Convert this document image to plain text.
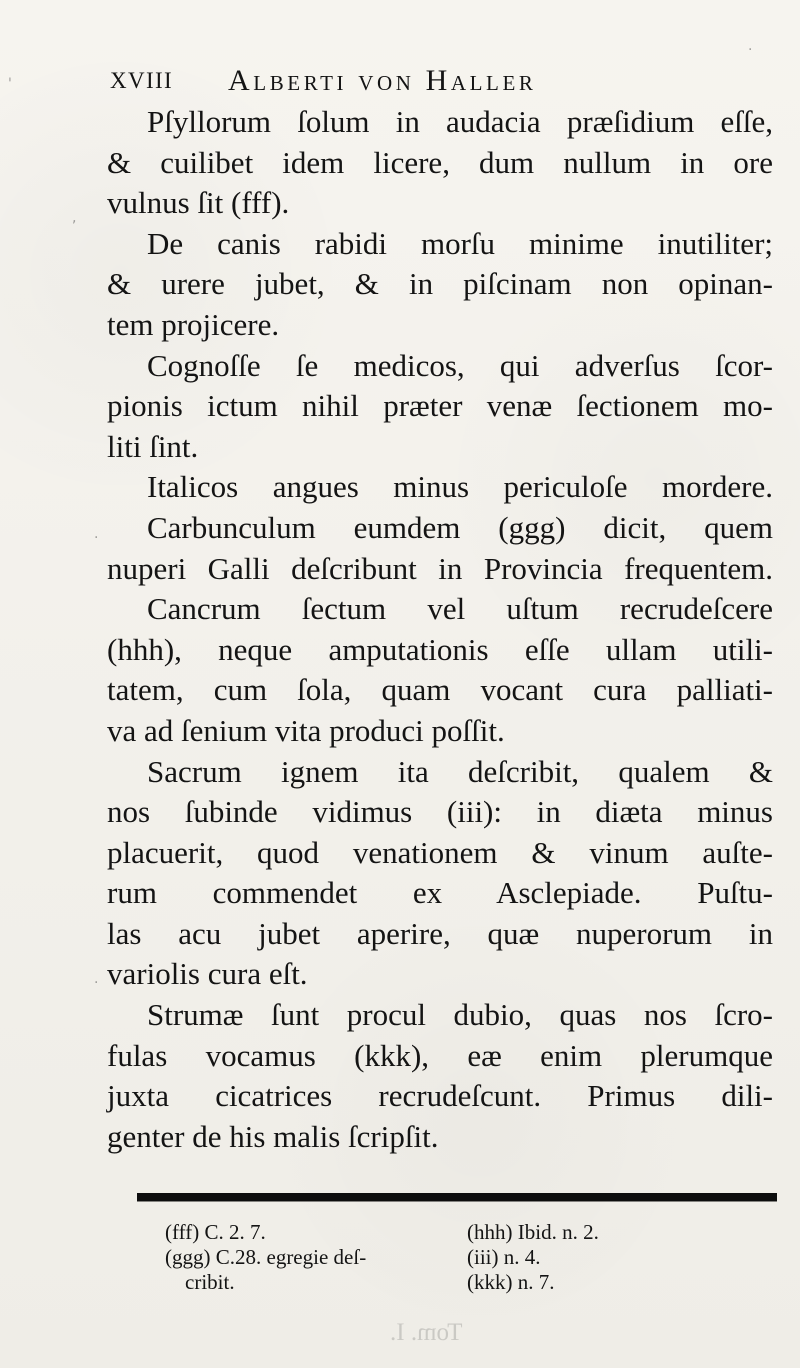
XVIII Alberti von Haller
Pſyllorum ſolum in audacia præſidium eſſe,
& cuilibet idem licere, dum nullum in ore
vulnus ſit (fff).
De canis rabidi morſu minime inutiliter;
& urere jubet, & in piſcinam non opinan-
tem projicere.
Cognoſſe ſe medicos, qui adverſus ſcor-
pionis ictum nihil præter venæ ſectionem mo-
liti ſint.
Italicos angues minus periculoſe mordere.
Carbunculum eumdem (ggg) dicit, quem
nuperi Galli deſcribunt in Provincia frequentem.
Cancrum ſectum vel uſtum recrudeſcere
(hhh), neque amputationis eſſe ullam utili-
tatem, cum ſola, quam vocant cura palliati-
va ad ſenium vita produci poſſit.
Sacrum ignem ita deſcribit, qualem &
nos ſubinde vidimus (iii): in diæta minus
placuerit, quod venationem & vinum auſte-
rum commendet ex Asclepiade. Puſtu-
las acu jubet aperire, quæ nuperorum in
variolis cura eſt.
Strumæ ſunt procul dubio, quas nos ſcro-
fulas vocamus (kkk), eæ enim plerumque
juxta cicatrices recrudeſcunt. Primus dili-
genter de his malis ſcripſit.
(fff) C. 2. 7.
(ggg) C.28. egregie deſ-
cribit.
(hhh) Ibid. n. 2.
(iii) n. 4.
(kkk) n. 7.
Tom. I.
'
,
·
·
·
